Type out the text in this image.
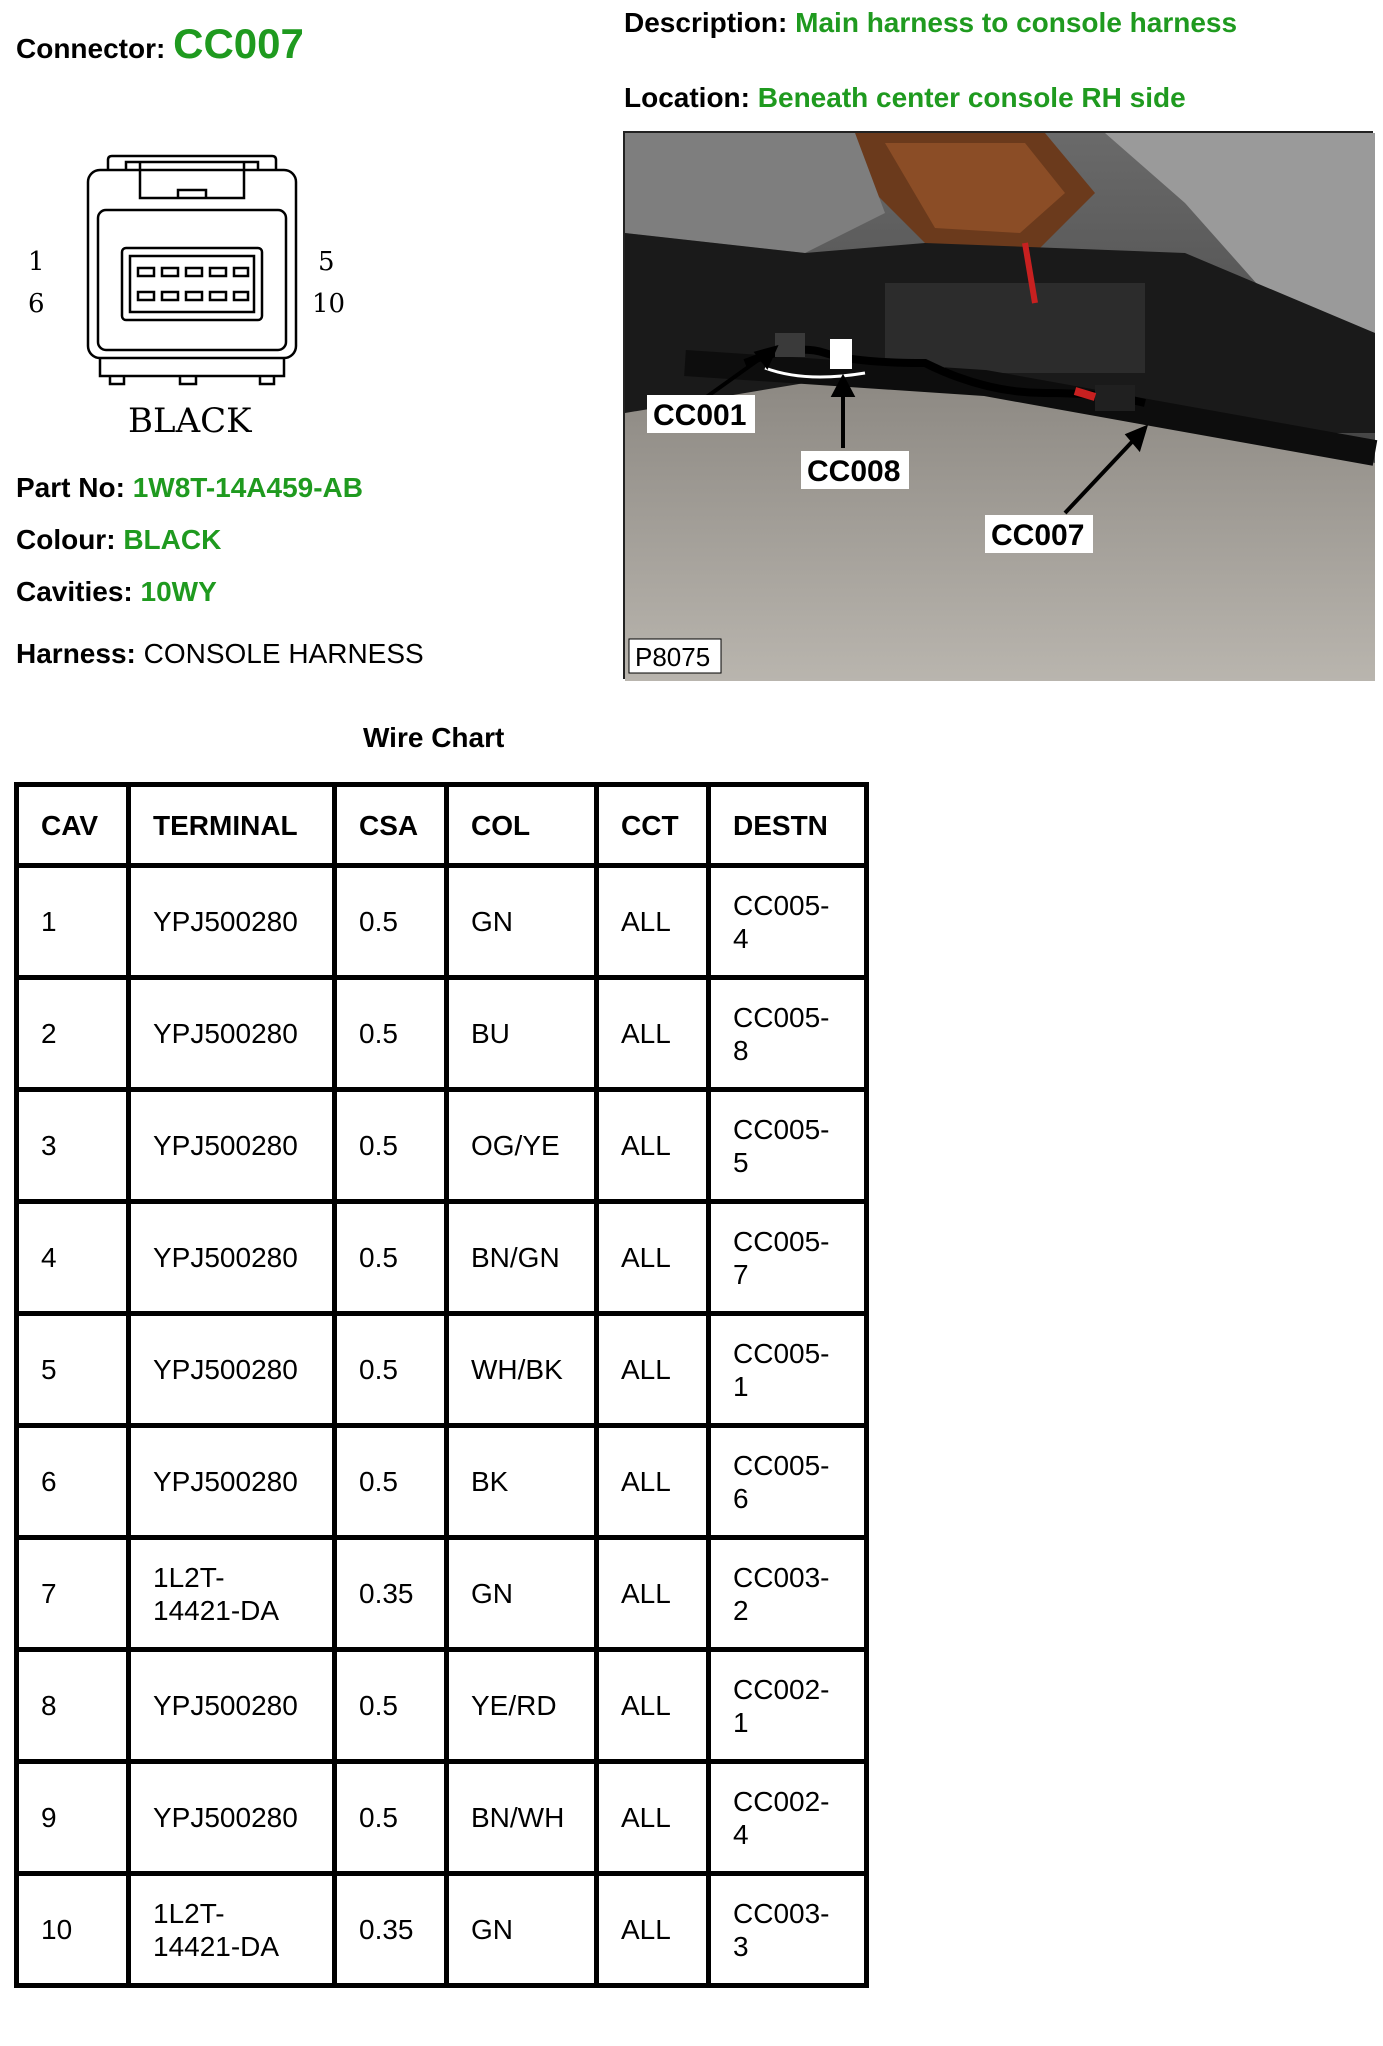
Connector: CC007	Description: Main harness to console harness
Location: Beneath center console RH side
1
6
5
10
BLACK
Part No: 1W8T-14A459-AB
Colour: BLACK
Cavities: 10WY
Harness: CONSOLE HARNESS
CC001
CC008
CC007
P8075
Wire Chart
CAV	TERMINAL	CSA	COL	CCT	DESTN
1	YPJ500280	0.5	GN	ALL	CC005-4
2	YPJ500280	0.5	BU	ALL	CC005-8
3	YPJ500280	0.5	OG/YE	ALL	CC005-5
4	YPJ500280	0.5	BN/GN	ALL	CC005-7
5	YPJ500280	0.5	WH/BK	ALL	CC005-1
6	YPJ500280	0.5	BK	ALL	CC005-6
7	1L2T-14421-DA	0.35	GN	ALL	CC003-2
8	YPJ500280	0.5	YE/RD	ALL	CC002-1
9	YPJ500280	0.5	BN/WH	ALL	CC002-4
10	1L2T-14421-DA	0.35	GN	ALL	CC003-3
